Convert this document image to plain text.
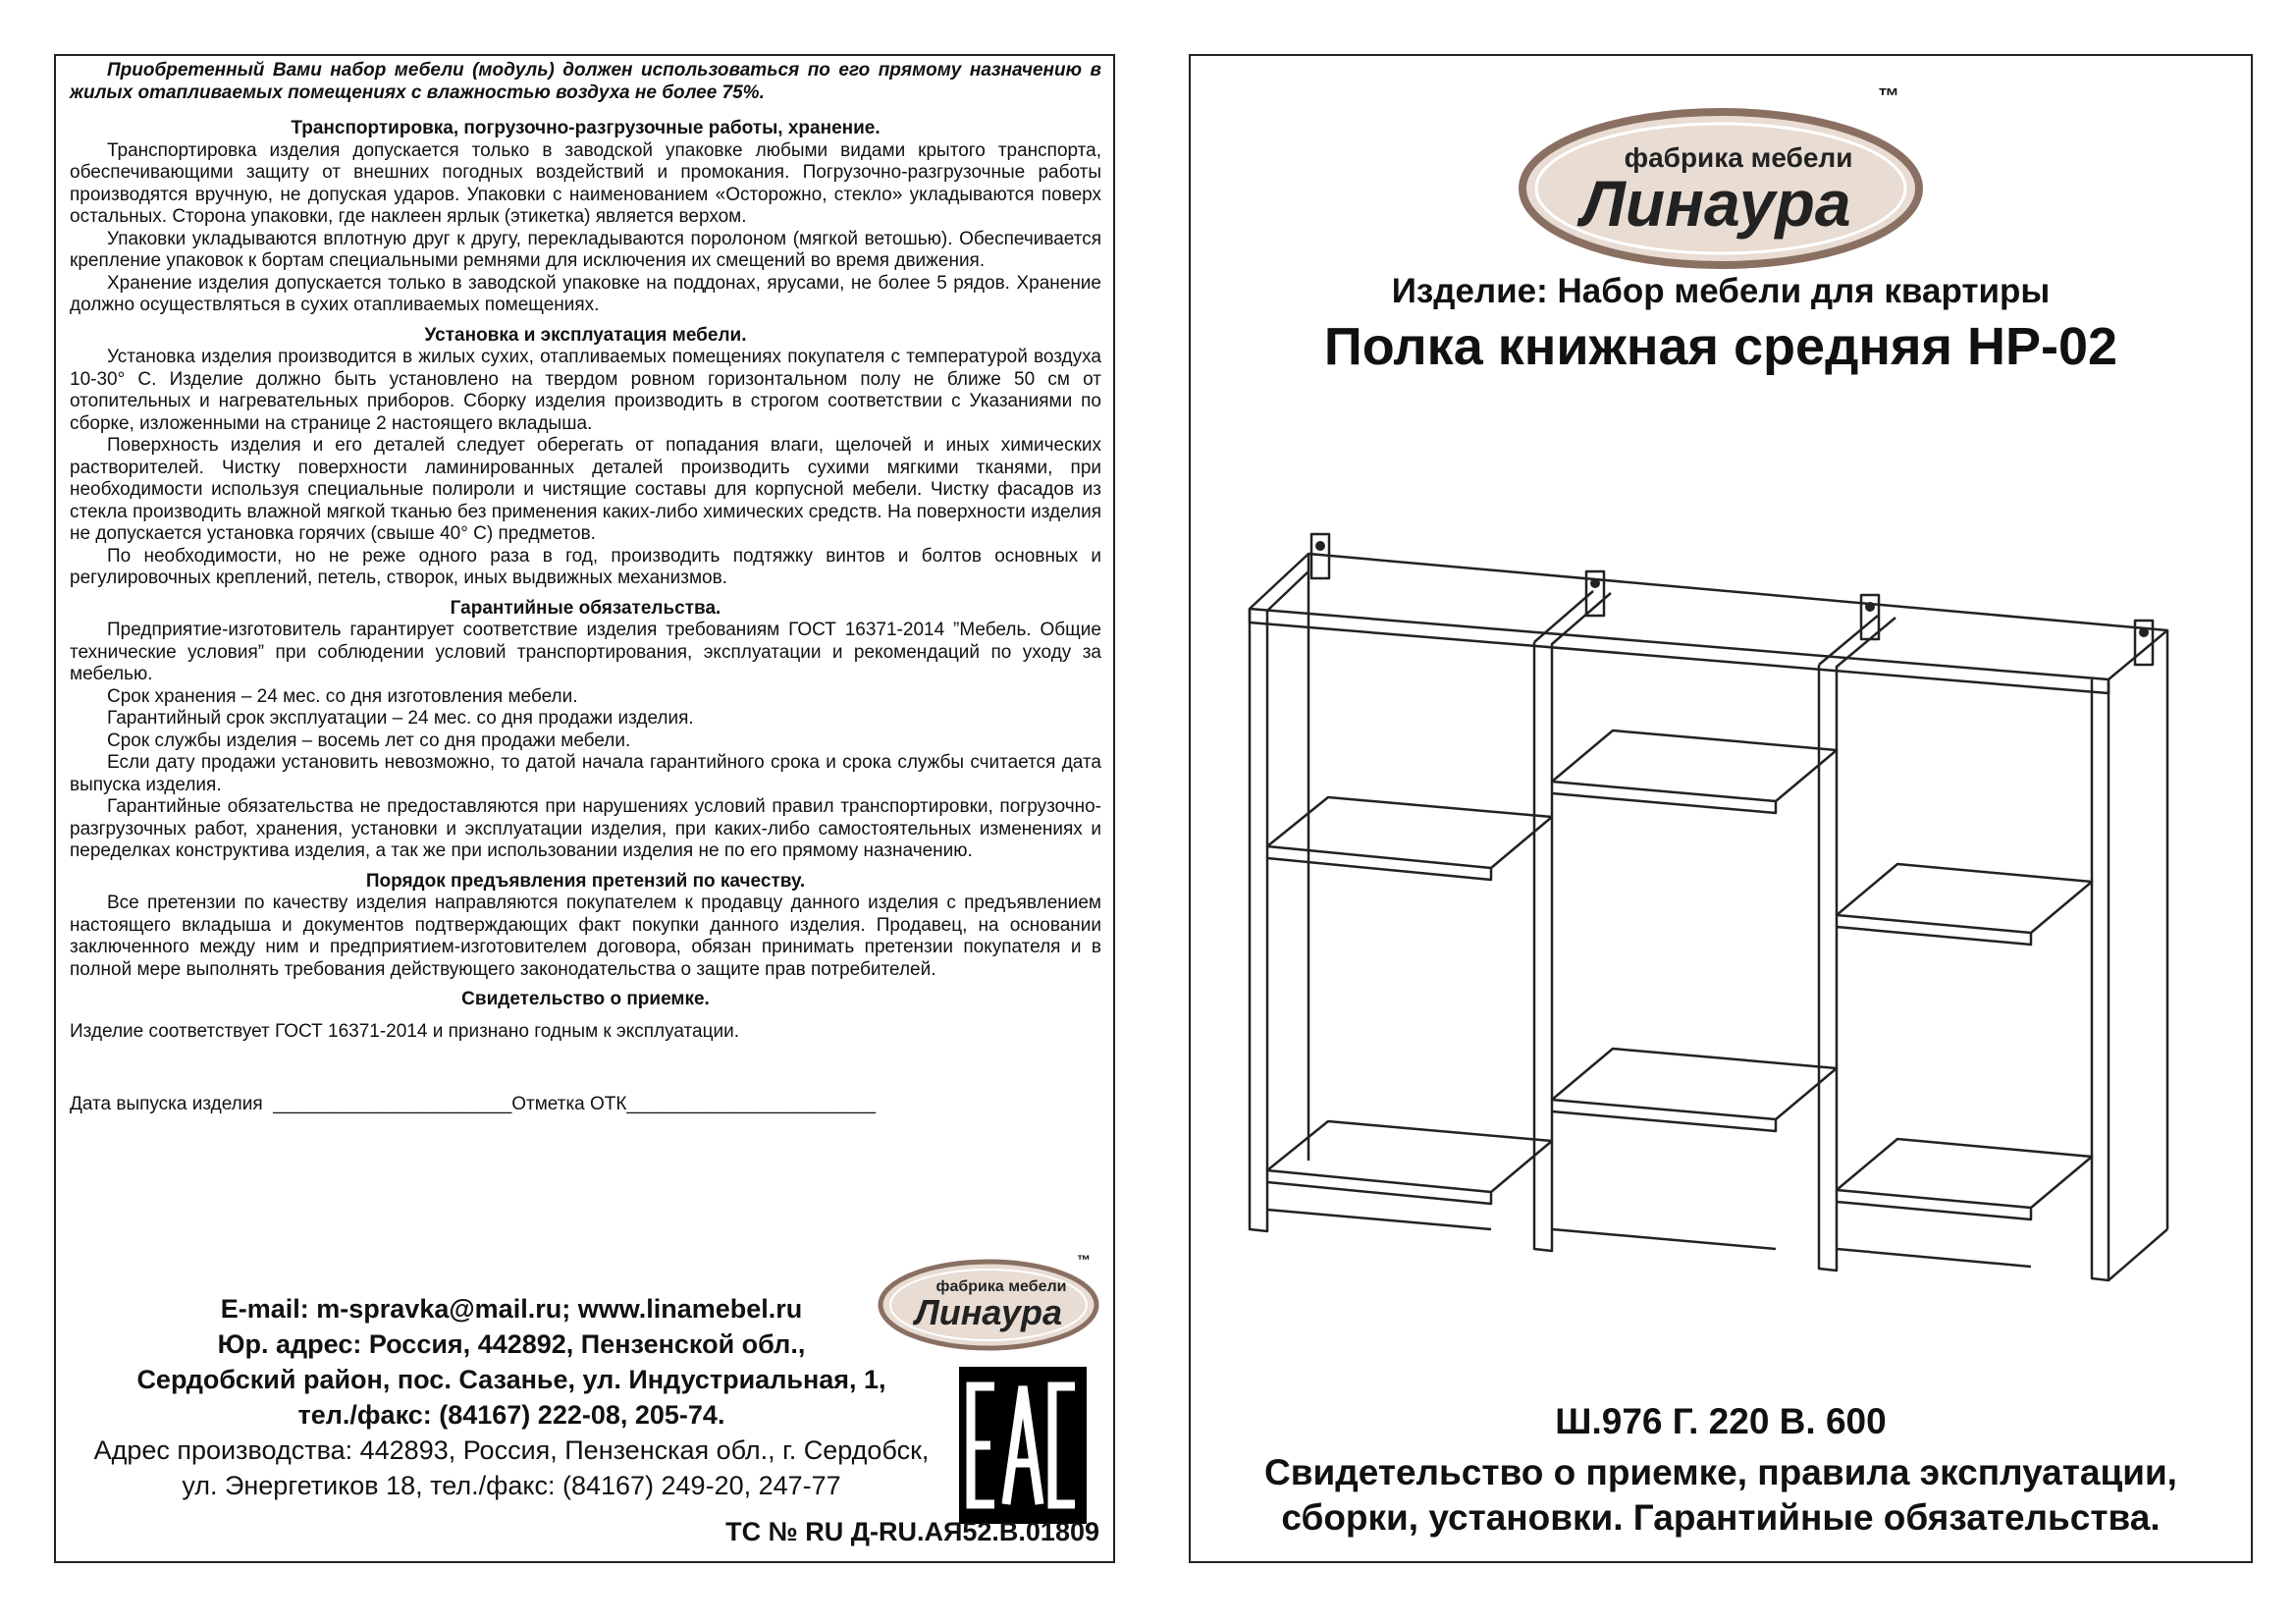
Приобретенный Вами набор мебели (модуль) должен использоваться по его прямому назначению в жилых отапливаемых помещениях с влажностью воздуха не более 75%.

Транспортировка, погрузочно-разгрузочные работы, хранение.

Транспортировка изделия допускается только в заводской упаковке любыми видами крытого транспорта, обеспечивающими защиту от внешних погодных воздействий и промокания. Погрузочно-разгрузочные работы производятся вручную, не допуская ударов. Упаковки с наименованием «Осторожно, стекло» укладываются поверх остальных. Сторона упаковки, где наклеен ярлык (этикетка) является верхом.

Упаковки укладываются вплотную друг к другу, перекладываются поролоном (мягкой ветошью). Обеспечивается крепление упаковок к бортам специальными ремнями для исключения их смещений во время движения.

Хранение изделия допускается только в заводской упаковке на поддонах, ярусами, не более 5 рядов. Хранение должно осуществляться в сухих отапливаемых помещениях.

Установка и эксплуатация мебели.

Установка изделия производится в жилых сухих, отапливаемых помещениях покупателя с температурой воздуха 10-30° С. Изделие должно быть установлено на твердом ровном горизонтальном полу не ближе 50 см от отопительных и нагревательных приборов. Сборку изделия производить в строгом соответствии с Указаниями по сборке, изложенными на странице 2 настоящего вкладыша.

Поверхность изделия и его деталей следует оберегать от попадания влаги, щелочей и иных химических растворителей. Чистку поверхности ламинированных деталей производить сухими мягкими тканями, при необходимости используя специальные полироли и чистящие составы для корпусной мебели. Чистку фасадов из стекла производить влажной мягкой тканью без применения каких-либо химических средств. На поверхности изделия не допускается установка горячих (свыше 40° С) предметов.

По необходимости, но не реже одного раза в год, производить подтяжку винтов и болтов основных и регулировочных креплений, петель, створок, иных выдвижных механизмов.

Гарантийные обязательства.

Предприятие-изготовитель гарантирует соответствие изделия требованиям ГОСТ 16371-2014 ”Мебель. Общие технические условия” при соблюдении условий транспортирования, эксплуатации и рекомендаций по уходу за мебелью.

Срок хранения – 24 мес. со дня изготовления мебели.

Гарантийный срок эксплуатации – 24 мес. со дня продажи изделия.

Срок службы изделия – восемь лет со дня продажи мебели.

Если дату продажи установить невозможно, то датой начала гарантийного срока и срока службы считается дата выпуска изделия.

Гарантийные обязательства не предоставляются при нарушениях условий правил транспортировки, погрузочно-разгрузочных работ, хранения, установки и эксплуатации изделия, при каких-либо самостоятельных изменениях и переделках конструктива изделия, а так же при использовании изделия не по его прямому назначению.

Порядок предъявления претензий по качеству.

Все претензии по качеству изделия направляются покупателем к продавцу данного изделия с предъявлением настоящего вкладыша и документов подтверждающих факт покупки данного изделия. Продавец, на основании заключенного между ним и предприятием-изготовителем договора, обязан принимать претензии покупателя и в полной мере выполнять требования действующего законодательства о защите прав потребителей.

Свидетельство о приемке.
Изделие соответствует ГОСТ 16371-2014 и признано годным к эксплуатации.
Дата выпуска изделия  _______________________Отметка ОТК________________________
фабрика мебели
Линаура
™
E-mail: m-spravka@mail.ru; www.linamebel.ru
Юр. адрес: Россия, 442892, Пензенской обл.,
Сердобский район, пос. Сазанье, ул. Индустриальная, 1,
тел./факс: (84167) 222-08, 205-74.
Адрес производства: 442893, Россия, Пензенская обл., г. Сердобск,
ул. Энергетиков 18, тел./факс: (84167) 249-20, 247-77
ТС № RU Д-RU.АЯ52.В.01809
фабрика мебели
Линаура
™
Изделие: Набор мебели для квартиры
Полка книжная средняя НР-02
Ш.976 Г. 220 В. 600
Свидетельство о приемке, правила эксплуатации,
сборки, установки. Гарантийные обязательства.
